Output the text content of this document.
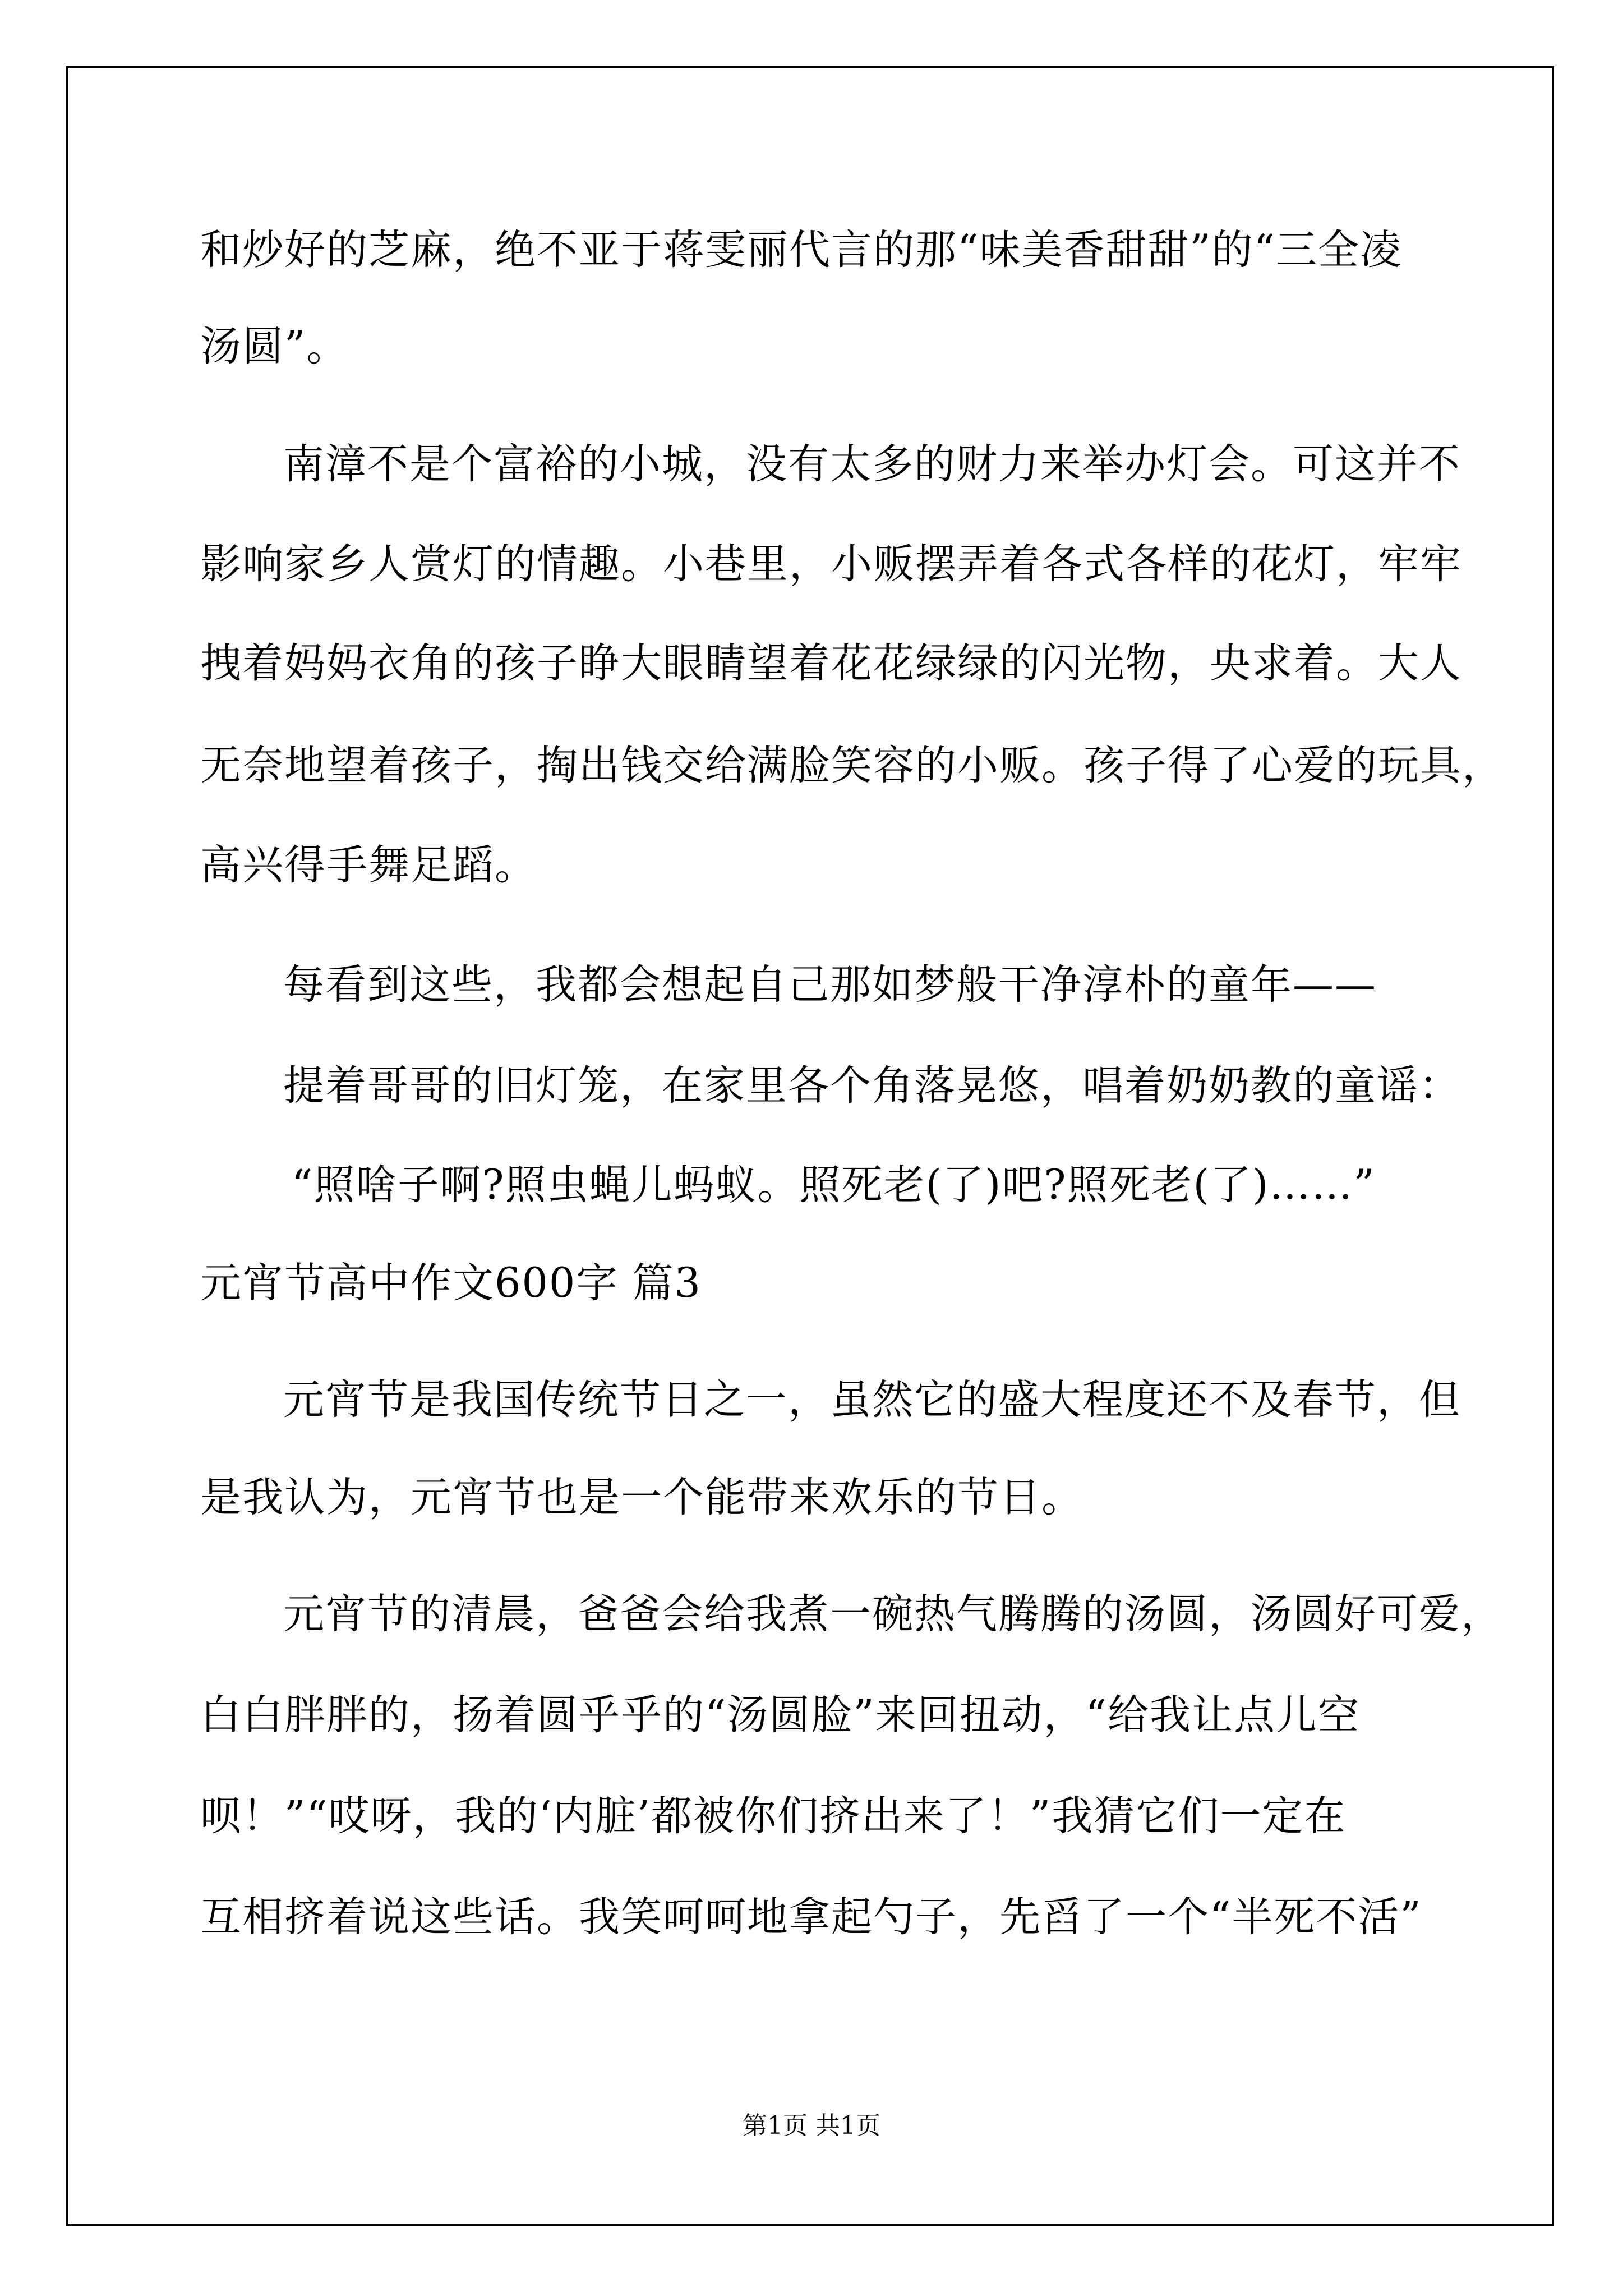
和炒好的芝麻，绝不亚于蒋雯丽代言的那“味美香甜甜”的“三全凌
汤圆”。
南漳不是个富裕的小城，没有太多的财力来举办灯会。可这并不
影响家乡人赏灯的情趣。小巷里，小贩摆弄着各式各样的花灯，牢牢
拽着妈妈衣角的孩子睁大眼睛望着花花绿绿的闪光物，央求着。大人
无奈地望着孩子，掏出钱交给满脸笑容的小贩。孩子得了心爱的玩具，
高兴得手舞足蹈。
每看到这些，我都会想起自己那如梦般干净淳朴的童年——
提着哥哥的旧灯笼，在家里各个角落晃悠，唱着奶奶教的童谣：
“照啥子啊?照虫蝇儿蚂蚁。照死老(了)吧?照死老(了)……”
元宵节高中作文600字 篇3
元宵节是我国传统节日之一，虽然它的盛大程度还不及春节，但
是我认为，元宵节也是一个能带来欢乐的节日。
元宵节的清晨，爸爸会给我煮一碗热气腾腾的汤圆，汤圆好可爱，
白白胖胖的，扬着圆乎乎的“汤圆脸”来回扭动，“给我让点儿空
呗！”“哎呀，我的‘内脏’都被你们挤出来了！”我猜它们一定在
互相挤着说这些话。我笑呵呵地拿起勺子，先舀了一个“半死不活”
第1页 共1页
